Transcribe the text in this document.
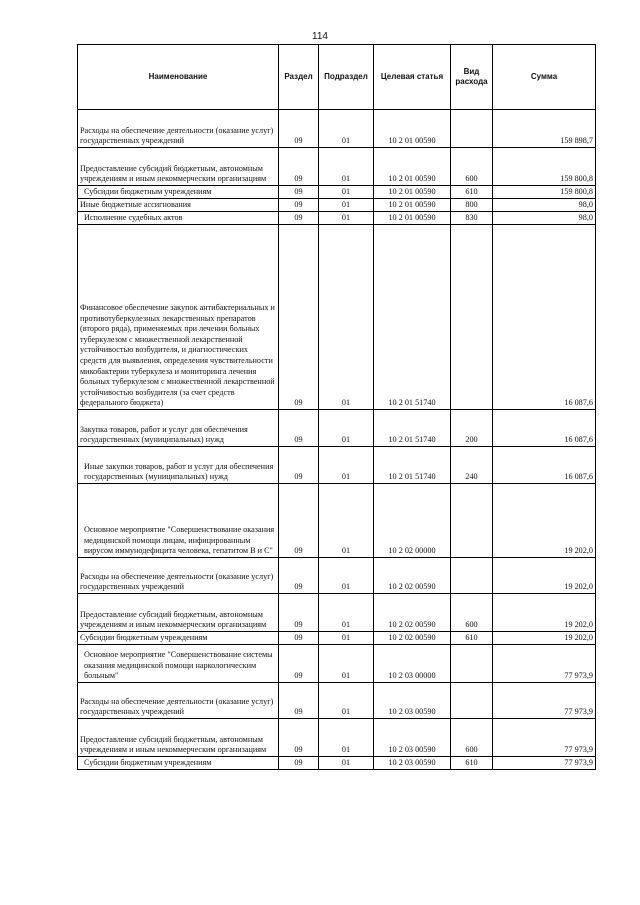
114
Наименование	Раздел	Подраздел	Целевая статья	Вид расхода	Сумма
Расходы на обеспечение деятельности (оказание услуг) государственных учреждений	09	01	10 2 01 00590		159 898,7
Предоставление субсидий бюджетным, автономным учреждениям и иным некоммерческим организациям	09	01	10 2 01 00590	600	159 800,8
Субсидии бюджетным учреждениям	09	01	10 2 01 00590	610	159 800,8
Иные бюджетные ассигнования	09	01	10 2 01 00590	800	98,0
Исполнение судебных актов	09	01	10 2 01 00590	830	98,0
Финансовое обеспечение закупок антибактериальных и противотуберкулезных лекарственных препаратов (второго ряда), применяемых при лечении больных туберкулезом с множественной лекарственной устойчивостью возбудителя, и диагностических средств для выявления, определения чувствительности микобактерии туберкулеза и мониторинга лечения больных туберкулезом с множественной лекарственной устойчивостью возбудителя (за счет средств федерального бюджета)	09	01	10 2 01 51740		16 087,6
Закупка товаров, работ и услуг для обеспечения государственных (муниципальных) нужд	09	01	10 2 01 51740	200	16 087,6
Иные закупки товаров, работ и услуг для обеспечения государственных (муниципальных) нужд	09	01	10 2 01 51740	240	16 087,6
Основное мероприятие "Совершенствование оказания медицинской помощи лицам, инфицированным вирусом иммунодефицита человека, гепатитом В и С"	09	01	10 2 02 00000		19 202,0
Расходы на обеспечение деятельности (оказание услуг) государственных учреждений	09	01	10 2 02 00590		19 202,0
Предоставление субсидий бюджетным, автономным учреждениям и иным некоммерческим организациям	09	01	10 2 02 00590	600	19 202,0
Субсидии бюджетным учреждениям	09	01	10 2 02 00590	610	19 202,0
Основное мероприятие "Совершенствование системы оказания медицинской помощи наркологическим больным"	09	01	10 2 03 00000		77 973,9
Расходы на обеспечение деятельности (оказание услуг) государственных учреждений	09	01	10 2 03 00590		77 973,9
Предоставление субсидий бюджетным, автономным учреждениям и иным некоммерческим организациям	09	01	10 2 03 00590	600	77 973,9
Субсидии бюджетным учреждениям	09	01	10 2 03 00590	610	77 973,9
